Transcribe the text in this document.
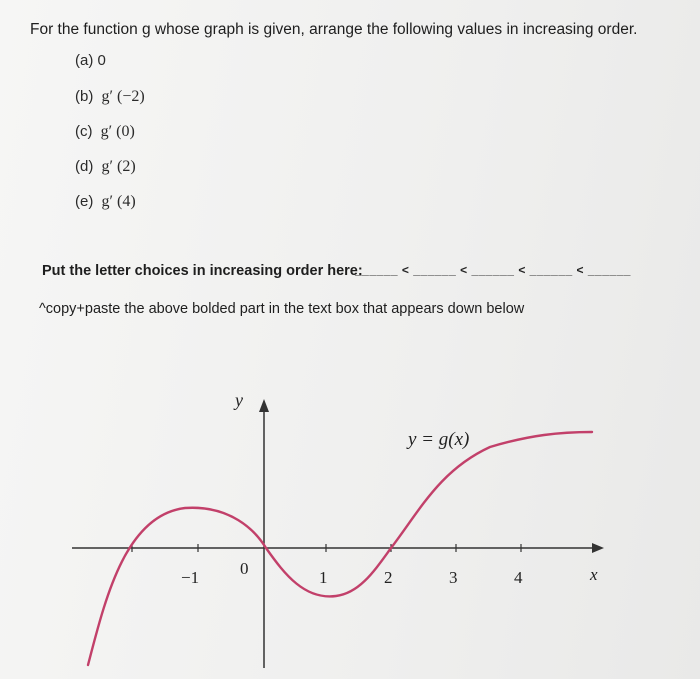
For the function g whose graph is given, arrange the following values in increasing order.
(a) 0
(b) g′ (−2)
(c) g′ (0)
(d) g′ (2)
(e) g′ (4)
Put the letter choices in increasing order here:
______ < ______ < ______ < ______ < ______
^copy+paste the above bolded part in the text box that appears down below
y
x
0
−1	1	2	3	4
y = g(x)
